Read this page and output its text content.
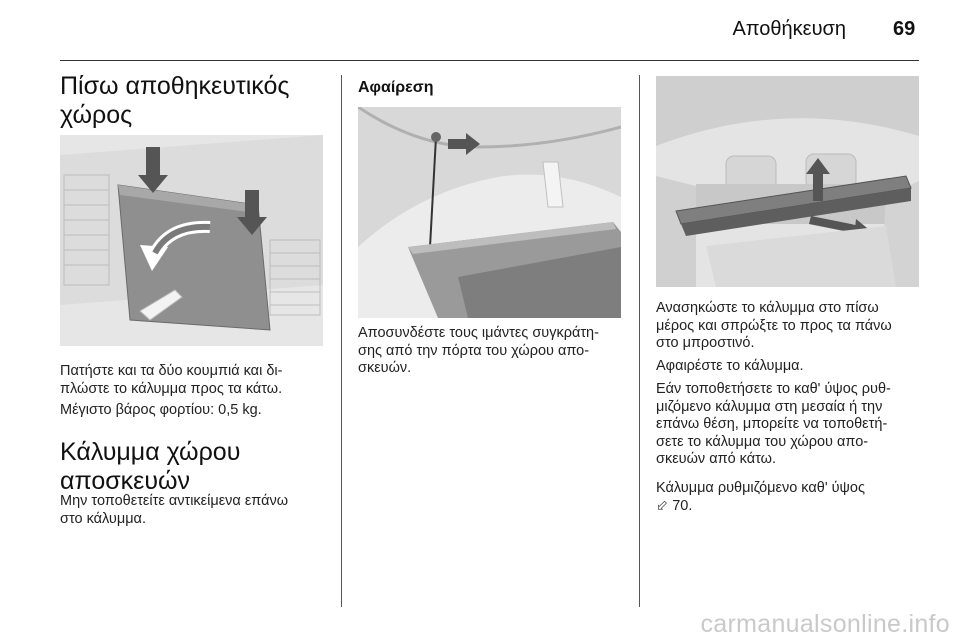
Αποθήκευση 69
Πίσω αποθηκευτικός
χώρος
Πατήστε και τα δύο κουμπιά και δι-
πλώστε το κάλυμμα προς τα κάτω.
Μέγιστο βάρος φορτίου: 0,5 kg.
Κάλυμμα χώρου
αποσκευών
Μην τοποθετείτε αντικείμενα επάνω
στο κάλυμμα.
Αφαίρεση
Αποσυνδέστε τους ιμάντες συγκράτη-
σης από την πόρτα του χώρου απο-
σκευών.
Ανασηκώστε το κάλυμμα στο πίσω
μέρος και σπρώξτε το προς τα πάνω
στο μπροστινό.
Αφαιρέστε το κάλυμμα.
Εάν τοποθετήσετε το καθ' ύψος ρυθ-
μιζόμενο κάλυμμα στη μεσαία ή την
επάνω θέση, μπορείτε να τοποθετή-
σετε το κάλυμμα του χώρου απο-
σκευών από κάτω.
Κάλυμμα ρυθμιζόμενο καθ' ύψος
⬃ 70.
carmanualsonline.info
